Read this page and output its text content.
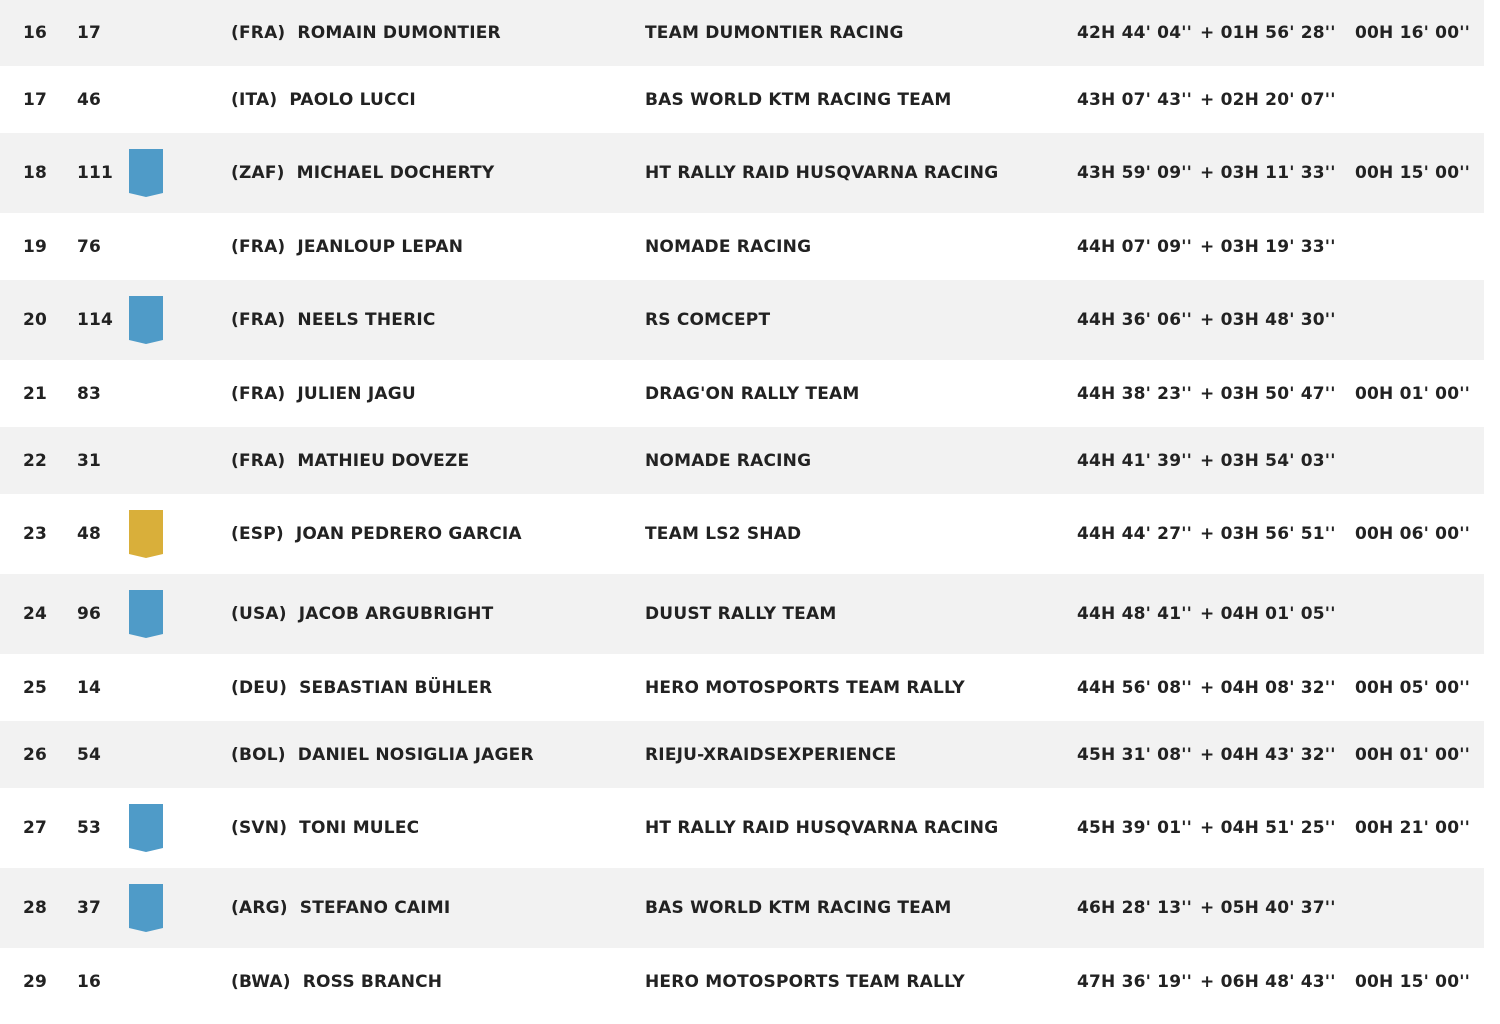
16 17	(FRA) ROMAIN DUMONTIER	TEAM DUMONTIER RACING	42H 44' 04'' + 01H 56' 28'' 00H 16' 00''
17 46	(ITA) PAOLO LUCCI	BAS WORLD KTM RACING TEAM	43H 07' 43'' + 02H 20' 07''
18 111	(ZAF) MICHAEL DOCHERTY	HT RALLY RAID HUSQVARNA RACING	43H 59' 09'' + 03H 11' 33'' 00H 15' 00''
19 76	(FRA) JEANLOUP LEPAN	NOMADE RACING	44H 07' 09'' + 03H 19' 33''
20 114	(FRA) NEELS THERIC	RS COMCEPT	44H 36' 06'' + 03H 48' 30''
21 83	(FRA) JULIEN JAGU	DRAG'ON RALLY TEAM	44H 38' 23'' + 03H 50' 47'' 00H 01' 00''
22 31	(FRA) MATHIEU DOVEZE	NOMADE RACING	44H 41' 39'' + 03H 54' 03''
23 48	(ESP) JOAN PEDRERO GARCIA	TEAM LS2 SHAD	44H 44' 27'' + 03H 56' 51'' 00H 06' 00''
24 96	(USA) JACOB ARGUBRIGHT	DUUST RALLY TEAM	44H 48' 41'' + 04H 01' 05''
25 14	(DEU) SEBASTIAN BÜHLER	HERO MOTOSPORTS TEAM RALLY	44H 56' 08'' + 04H 08' 32'' 00H 05' 00''
26 54	(BOL) DANIEL NOSIGLIA JAGER	RIEJU-XRAIDSEXPERIENCE	45H 31' 08'' + 04H 43' 32'' 00H 01' 00''
27 53	(SVN) TONI MULEC	HT RALLY RAID HUSQVARNA RACING	45H 39' 01'' + 04H 51' 25'' 00H 21' 00''
28 37	(ARG) STEFANO CAIMI	BAS WORLD KTM RACING TEAM	46H 28' 13'' + 05H 40' 37''
29 16	(BWA) ROSS BRANCH	HERO MOTOSPORTS TEAM RALLY	47H 36' 19'' + 06H 48' 43'' 00H 15' 00''
